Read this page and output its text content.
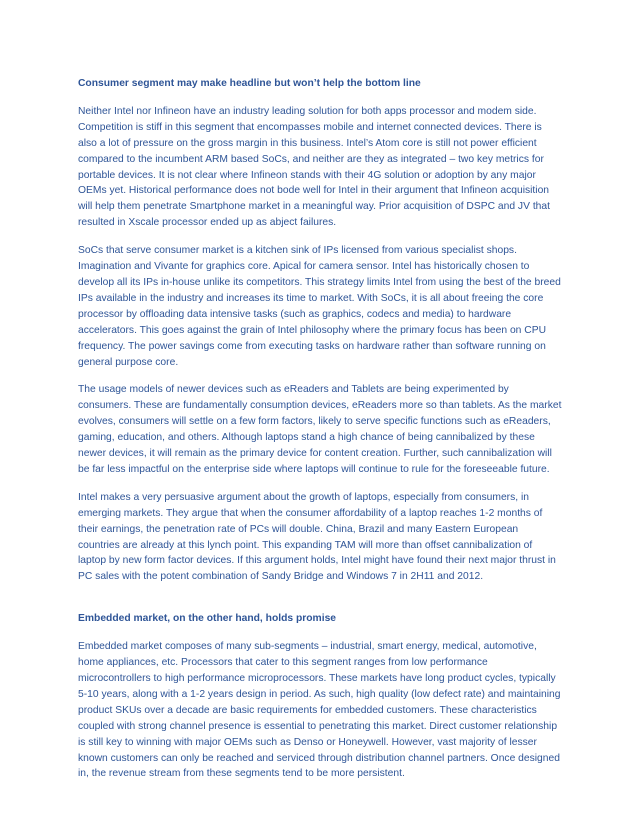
Consumer segment may make headline but won’t help the bottom line

Neither Intel nor Infineon have an industry leading solution for both apps processor and modem side. Competition is stiff in this segment that encompasses mobile and internet connected devices. There is also a lot of pressure on the gross margin in this business. Intel’s Atom core is still not power efficient compared to the incumbent ARM based SoCs, and neither are they as integrated – two key metrics for portable devices. It is not clear where Infineon stands with their 4G solution or adoption by any major OEMs yet. Historical performance does not bode well for Intel in their argument that Infineon acquisition will help them penetrate Smartphone market in a meaningful way. Prior acquisition of DSPC and JV that resulted in Xscale processor ended up as abject failures.

SoCs that serve consumer market is a kitchen sink of IPs licensed from various specialist shops. Imagination and Vivante for graphics core. Apical for camera sensor. Intel has historically chosen to develop all its IPs in-house unlike its competitors. This strategy limits Intel from using the best of the breed IPs available in the industry and increases its time to market. With SoCs, it is all about freeing the core processor by offloading data intensive tasks (such as graphics, codecs and media) to hardware accelerators. This goes against the grain of Intel philosophy where the primary focus has been on CPU frequency. The power savings come from executing tasks on hardware rather than software running on general purpose core.

The usage models of newer devices such as eReaders and Tablets are being experimented by consumers. These are fundamentally consumption devices, eReaders more so than tablets. As the market evolves, consumers will settle on a few form factors, likely to serve specific functions such as eReaders, gaming, education, and others. Although laptops stand a high chance of being cannibalized by these newer devices, it will remain as the primary device for content creation. Further, such cannibalization will be far less impactful on the enterprise side where laptops will continue to rule for the foreseeable future.

Intel makes a very persuasive argument about the growth of laptops, especially from consumers, in emerging markets. They argue that when the consumer affordability of a laptop reaches 1-2 months of their earnings, the penetration rate of PCs will double. China, Brazil and many Eastern European countries are already at this lynch point. This expanding TAM will more than offset cannibalization of laptop by new form factor devices. If this argument holds, Intel might have found their next major thrust in PC sales with the potent combination of Sandy Bridge and Windows 7 in 2H11 and 2012.

Embedded market, on the other hand, holds promise

Embedded market composes of many sub-segments – industrial, smart energy, medical, automotive, home appliances, etc. Processors that cater to this segment ranges from low performance microcontrollers to high performance microprocessors. These markets have long product cycles, typically 5-10 years, along with a 1-2 years design in period. As such, high quality (low defect rate) and maintaining product SKUs over a decade are basic requirements for embedded customers. These characteristics coupled with strong channel presence is essential to penetrating this market. Direct customer relationship is still key to winning with major OEMs such as Denso or Honeywell. However, vast majority of lesser known customers can only be reached and serviced through distribution channel partners. Once designed in, the revenue stream from these segments tend to be more persistent.
